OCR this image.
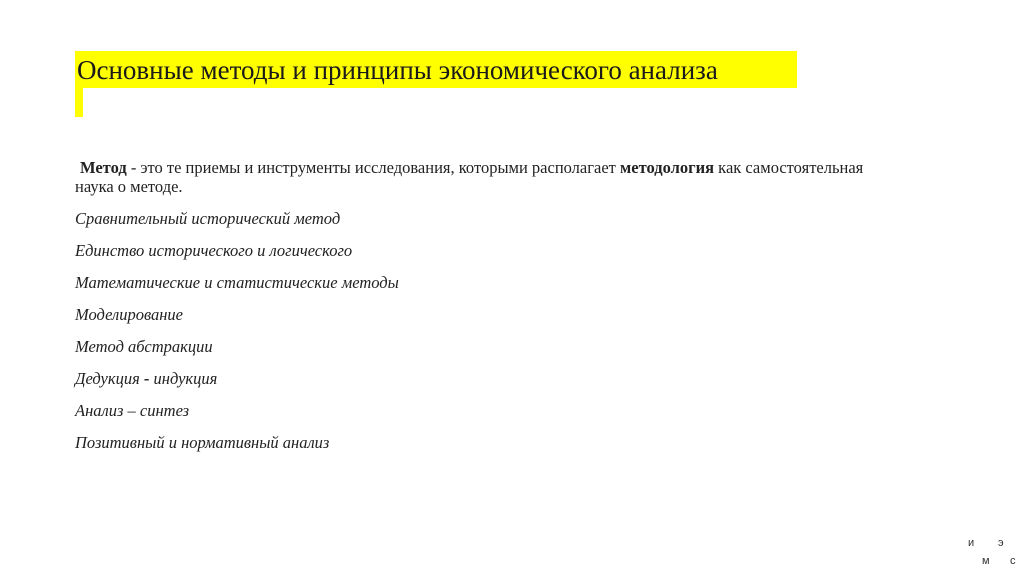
Основные методы и принципы экономического анализа

Метод - это те приемы и инструменты исследования, которыми располагает методология как самостоятельная наука о методе.

Сравнительный исторический метод
Единство исторического и логического
Математические и статистические методы
Моделирование
Метод абстракции
Дедукция - индукция
Анализ – синтез
Позитивный и нормативный анализ
и э
м с
